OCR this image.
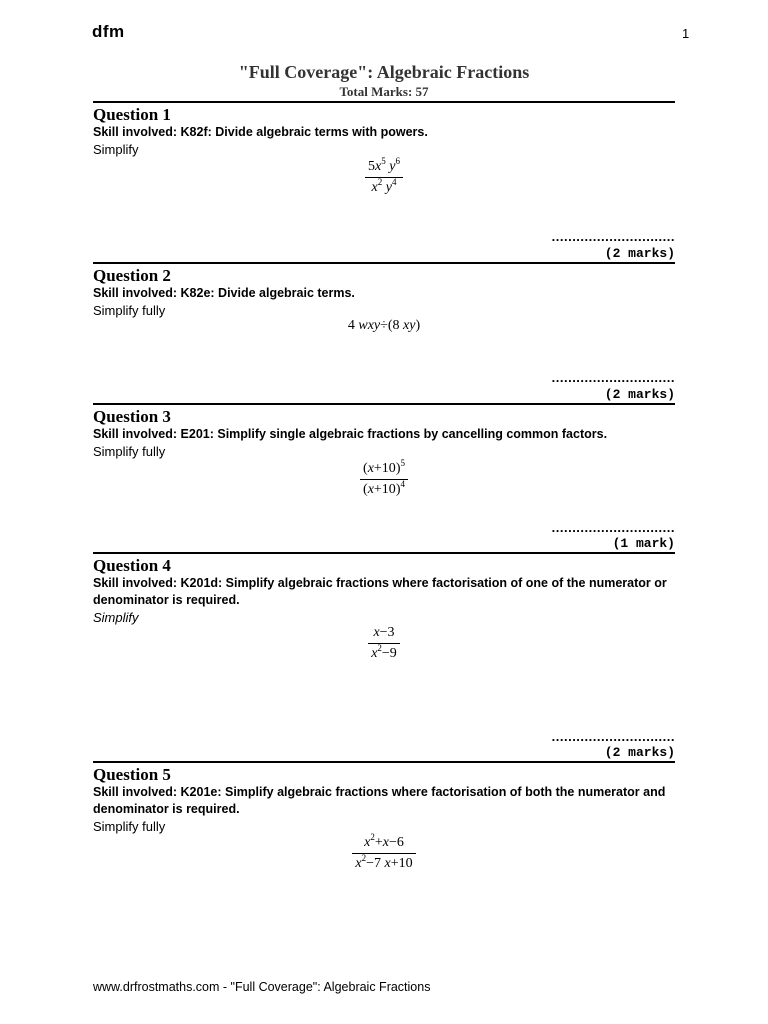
dfm	1
"Full Coverage": Algebraic Fractions
Total Marks: 57
Question 1
Skill involved: K82f: Divide algebraic terms with powers.
Simplify
$\frac{5x^5 y^6}{x^2 y^4}$
..............................
(2 marks)
Question 2
Skill involved: K82e: Divide algebraic terms.
Simplify fully
4 wxy÷(8 xy)
..............................
(2 marks)
Question 3
Skill involved: E201: Simplify single algebraic fractions by cancelling common factors.
Simplify fully
$\frac{(x+10)^5}{(x+10)^4}$
..............................
(1 mark)
Question 4
Skill involved: K201d: Simplify algebraic fractions where factorisation of one of the numerator or denominator is required.
Simplify
$\frac{x-3}{x^2-9}$
..............................
(2 marks)
Question 5
Skill involved: K201e: Simplify algebraic fractions where factorisation of both the numerator and denominator is required.
Simplify fully
$\frac{x^2+x-6}{x^2-7 x+10}$
www.drfrostmaths.com - "Full Coverage": Algebraic Fractions
